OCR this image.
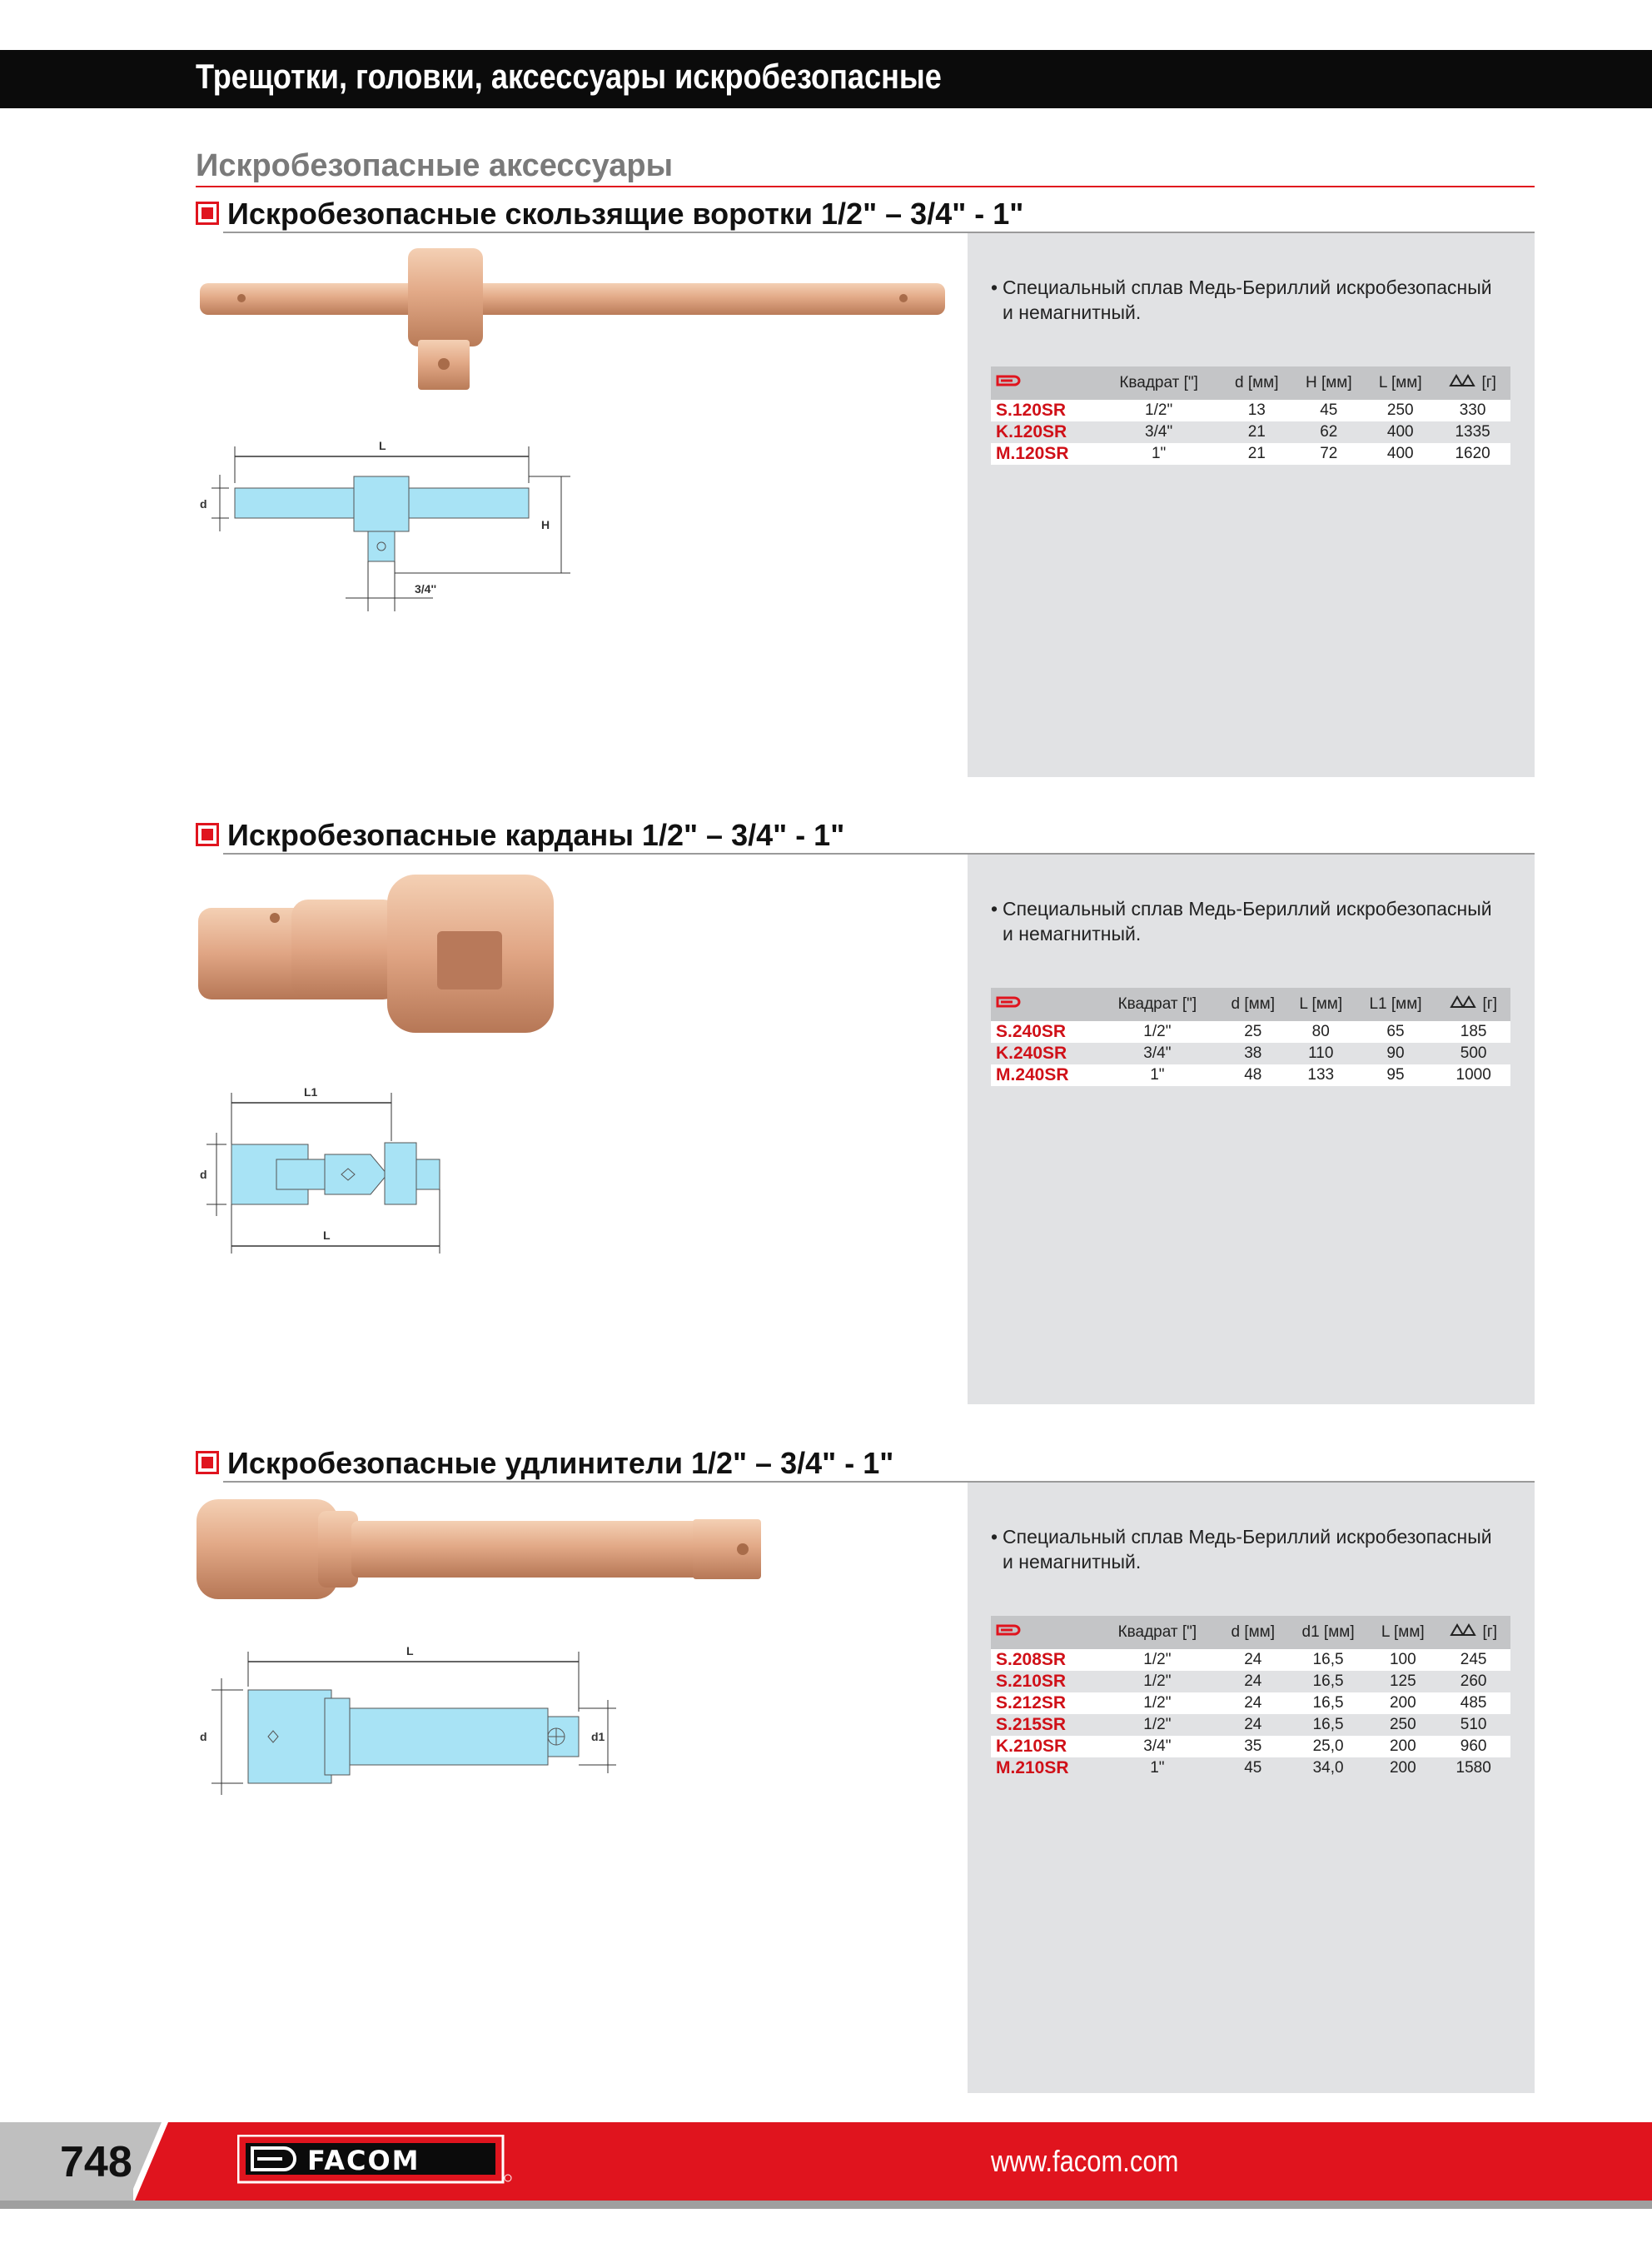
Трещотки, головки, аксессуары искробезопасные
Искробезопасные аксессуары
Искробезопасные скользящие воротки 1/2" – 3/4" - 1"
L
d
H
3/4''
• Специальный сплав Медь-Бериллий искробезопасный и немагнитный.
	Квадрат ["]	d [мм]	H [мм]	L [мм]	[г]
S.120SR	1/2"	13	45	250	330
K.120SR	3/4"	21	62	400	1335
M.120SR	1"	21	72	400	1620
Искробезопасные карданы 1/2" – 3/4" - 1"
L1
d
L
• Специальный сплав Медь-Бериллий искробезопасный и немагнитный.
	Квадрат ["]	d [мм]	L [мм]	L1 [мм]	[г]
S.240SR	1/2"	25	80	65	185
K.240SR	3/4"	38	110	90	500
M.240SR	1"	48	133	95	1000
Искробезопасные удлинители 1/2" – 3/4" - 1"
L
d	d1
• Специальный сплав Медь-Бериллий искробезопасный и немагнитный.
	Квадрат ["]	d [мм]	d1 [мм]	L [мм]	[г]
S.208SR	1/2"	24	16,5	100	245
S.210SR	1/2"	24	16,5	125	260
S.212SR	1/2"	24	16,5	200	485
S.215SR	1/2"	24	16,5	250	510
K.210SR	3/4"	35	25,0	200	960
M.210SR	1"	45	34,0	200	1580
748	FACOM	www.facom.com
